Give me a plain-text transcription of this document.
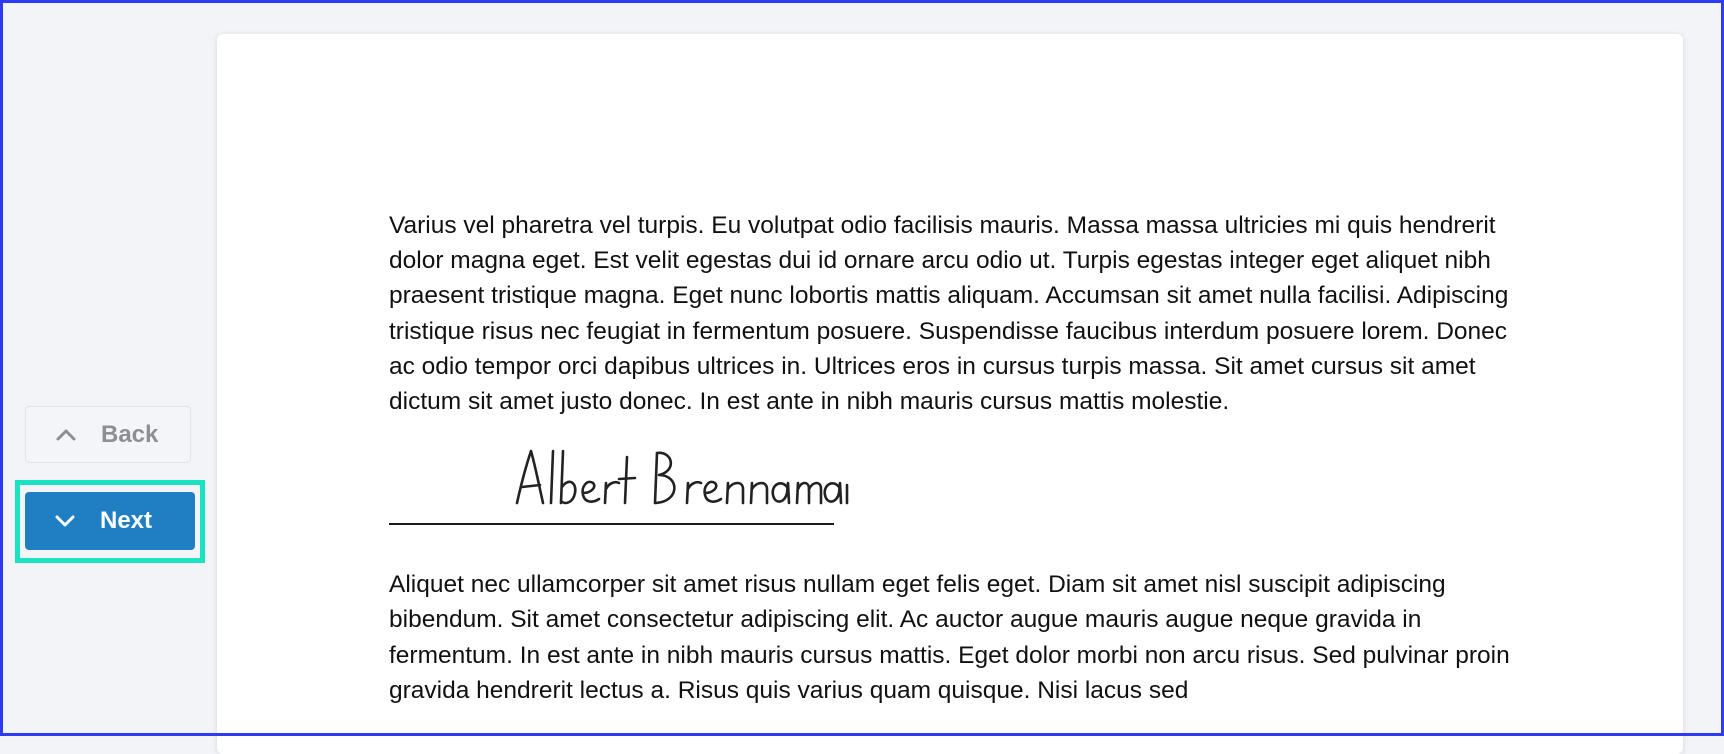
Back
Next

Varius vel pharetra vel turpis. Eu volutpat odio facilisis mauris. Massa massa ultricies mi quis hendrerit dolor magna eget. Est velit egestas dui id ornare arcu odio ut. Turpis egestas integer eget aliquet nibh praesent tristique magna. Eget nunc lobortis mattis aliquam. Accumsan sit amet nulla facilisi. Adipiscing tristique risus nec feugiat in fermentum posuere. Suspendisse faucibus interdum posuere lorem. Donec ac odio tempor orci dapibus ultrices in. Ultrices eros in cursus turpis massa. Sit amet cursus sit amet dictum sit amet justo donec. In est ante in nibh mauris cursus mattis molestie.

Aliquet nec ullamcorper sit amet risus nullam eget felis eget. Diam sit amet nisl suscipit adipiscing bibendum. Sit amet consectetur adipiscing elit. Ac auctor augue mauris augue neque gravida in fermentum. In est ante in nibh mauris cursus mattis. Eget dolor morbi non arcu risus. Sed pulvinar proin gravida hendrerit lectus a. Risus quis varius quam quisque. Nisi lacus sed
